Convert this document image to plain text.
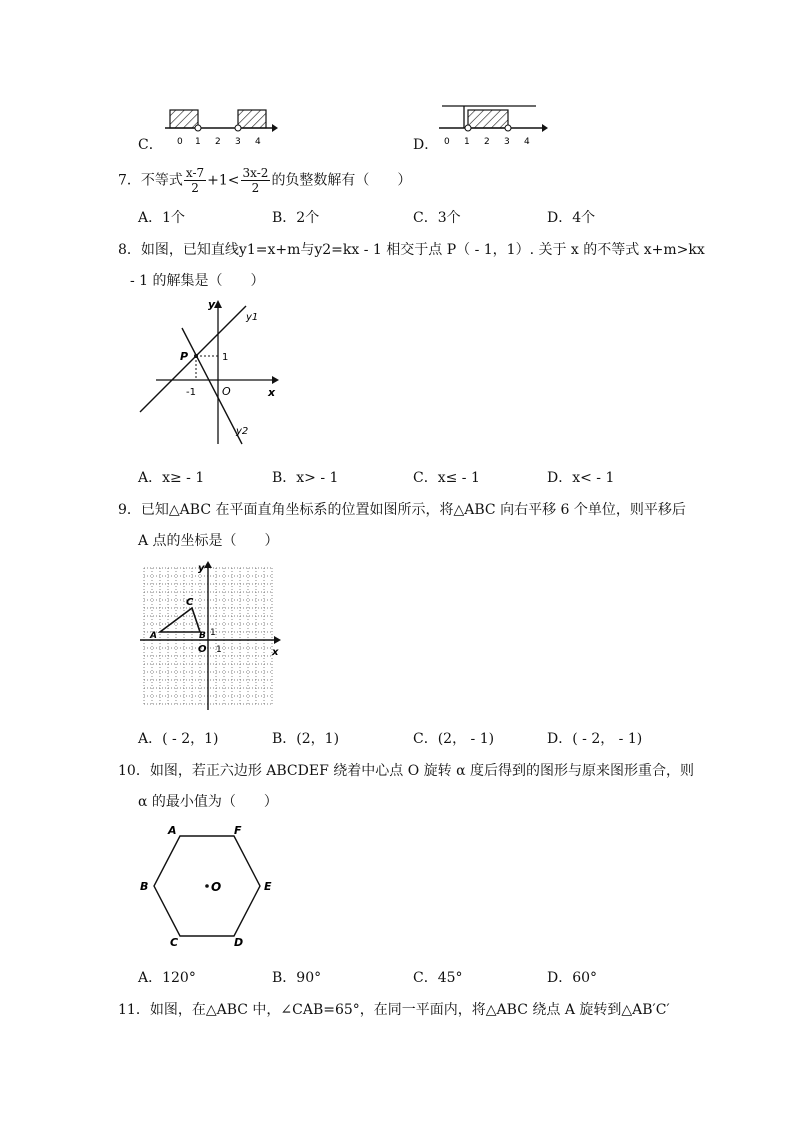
C． 0 1 2 3 4	D． 0 1 2 3 4
7．不等式 $\frac{x-7}{2} +1< \frac{3x-2}{2}$ 的负整数解有（　　）
A．1个	B．2个	C．3个	D．4个
8．如图，已知直线y1=x+m与y2=kx - 1 相交于点 P（ - 1，1）. 关于 x 的不等式 x+m>kx
- 1 的解集是（　　）
y
x
O
y1
y2
P	1
-1
A．x≥ - 1	B．x> - 1	C．x≤ - 1	D．x< - 1
9．已知△ABC 在平面直角坐标系的位置如图所示，将△ABC 向右平移 6 个单位，则平移后
A 点的坐标是（　　）
y
x
O 1
1
A	B
C
A．( - 2，1)	B．(2，1)	C．(2， - 1)	D．( - 2， - 1)
10．如图，若正六边形 ABCDEF 绕着中心点 O 旋转 α 度后得到的图形与原来图形重合，则
α 的最小值为（　　）
A	F
B	E
C	D
O
A．120°	B．90°	C．45°	D．60°
11．如图，在△ABC 中，∠CAB=65°，在同一平面内，将△ABC 绕点 A 旋转到△AB′C′
